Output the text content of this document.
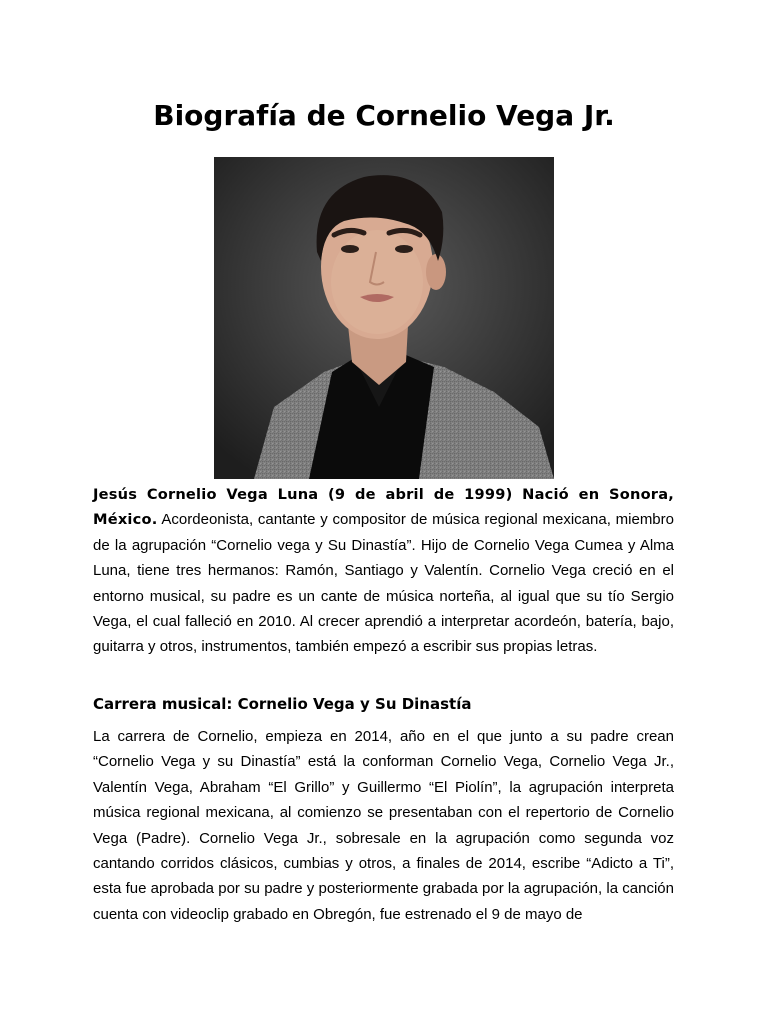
Biografía de Cornelio Vega Jr.

Jesús Cornelio Vega Luna (9 de abril de 1999) Nació en Sonora, México. Acordeonista, cantante y compositor de música regional mexicana, miembro de la agrupación “Cornelio vega y Su Dinastía”. Hijo de Cornelio Vega Cumea y Alma Luna, tiene tres hermanos: Ramón, Santiago y Valentín. Cornelio Vega creció en el entorno musical, su padre es un cante de música norteña, al igual que su tío Sergio Vega, el cual falleció en 2010. Al crecer aprendió a interpretar acordeón, batería, bajo, guitarra y otros, instrumentos, también empezó a escribir sus propias letras.

Carrera musical: Cornelio Vega y Su Dinastía

La carrera de Cornelio, empieza en 2014, año en el que junto a su padre crean “Cornelio Vega y su Dinastía” está la conforman Cornelio Vega, Cornelio Vega Jr., Valentín Vega, Abraham “El Grillo” y Guillermo “El Piolín”, la agrupación interpreta música regional mexicana, al comienzo se presentaban con el repertorio de Cornelio Vega (Padre). Cornelio Vega Jr., sobresale en la agrupación como segunda voz cantando corridos clásicos, cumbias y otros, a finales de 2014, escribe “Adicto a Ti”, esta fue aprobada por su padre y posteriormente grabada por la agrupación, la canción cuenta con videoclip grabado en Obregón, fue estrenado el 9 de mayo de
